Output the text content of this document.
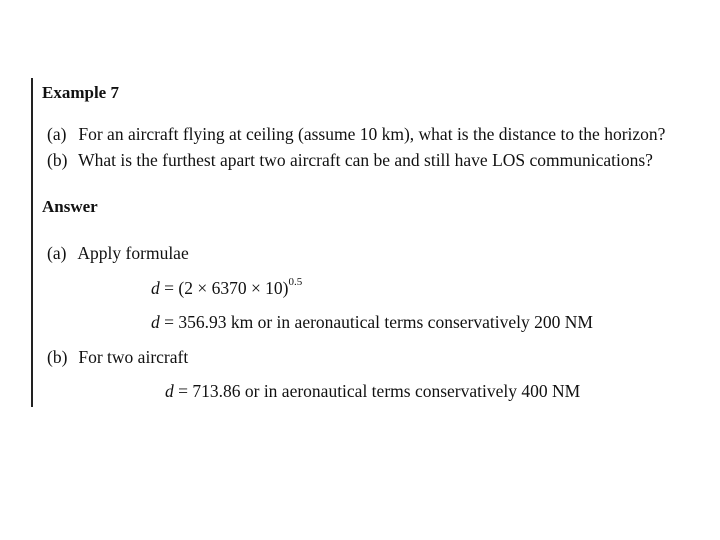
Example 7
(a) For an aircraft flying at ceiling (assume 10 km), what is the distance to the horizon?
(b) What is the furthest apart two aircraft can be and still have LOS communications?
Answer
(a) Apply formulae
$d = (2 \times 6370 \times 10)^{0.5}$
d = 356.93 km or in aeronautical terms conservatively 200 NM
(b) For two aircraft
d = 713.86 or in aeronautical terms conservatively 400 NM
